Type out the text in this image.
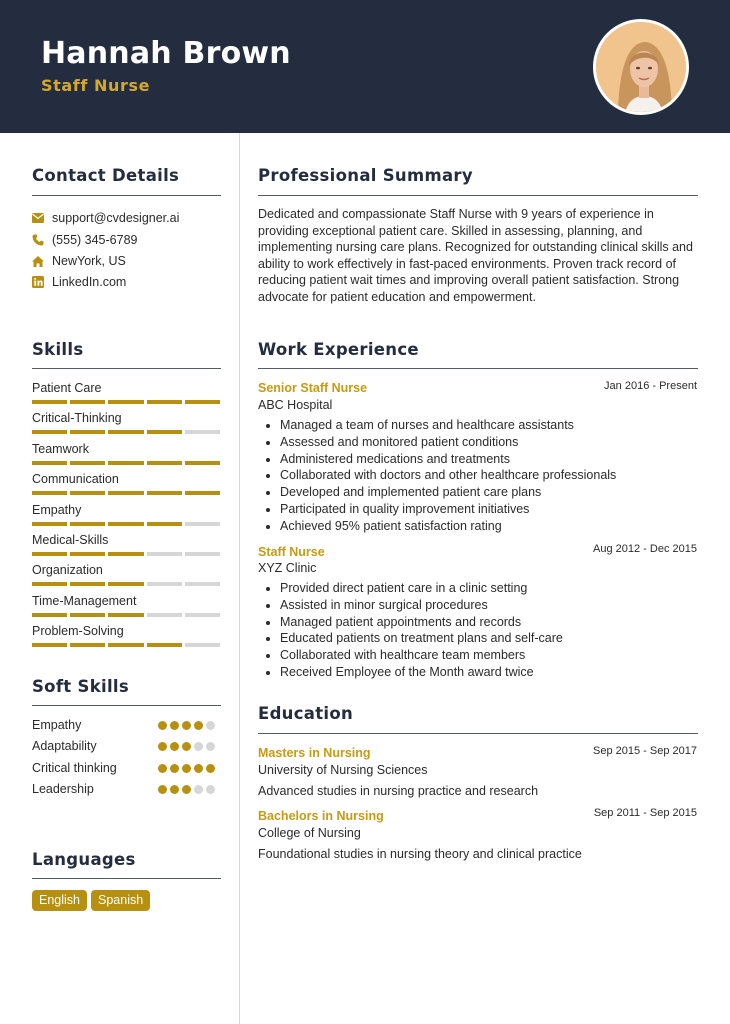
Hannah Brown
Staff Nurse
Contact Details
support@cvdesigner.ai
(555) 345-6789
NewYork, US
LinkedIn.com
Skills
Patient Care
Critical-Thinking
Teamwork
Communication
Empathy
Medical-Skills
Organization
Time-Management
Problem-Solving
Soft Skills
Empathy
Adaptability
Critical thinking
Leadership
Languages
English	Spanish
Professional Summary
Dedicated and compassionate Staff Nurse with 9 years of experience in providing exceptional patient care. Skilled in assessing, planning, and implementing nursing care plans. Recognized for outstanding clinical skills and ability to work effectively in fast-paced environments. Proven track record of reducing patient wait times and improving overall patient satisfaction. Strong advocate for patient education and empowerment.
Work Experience
Senior Staff Nurse	Jan 2016 - Present
ABC Hospital
• Managed a team of nurses and healthcare assistants
• Assessed and monitored patient conditions
• Administered medications and treatments
• Collaborated with doctors and other healthcare professionals
• Developed and implemented patient care plans
• Participated in quality improvement initiatives
• Achieved 95% patient satisfaction rating
Staff Nurse	Aug 2012 - Dec 2015
XYZ Clinic
• Provided direct patient care in a clinic setting
• Assisted in minor surgical procedures
• Managed patient appointments and records
• Educated patients on treatment plans and self-care
• Collaborated with healthcare team members
• Received Employee of the Month award twice
Education
Masters in Nursing	Sep 2015 - Sep 2017
University of Nursing Sciences
Advanced studies in nursing practice and research
Bachelors in Nursing	Sep 2011 - Sep 2015
College of Nursing
Foundational studies in nursing theory and clinical practice
